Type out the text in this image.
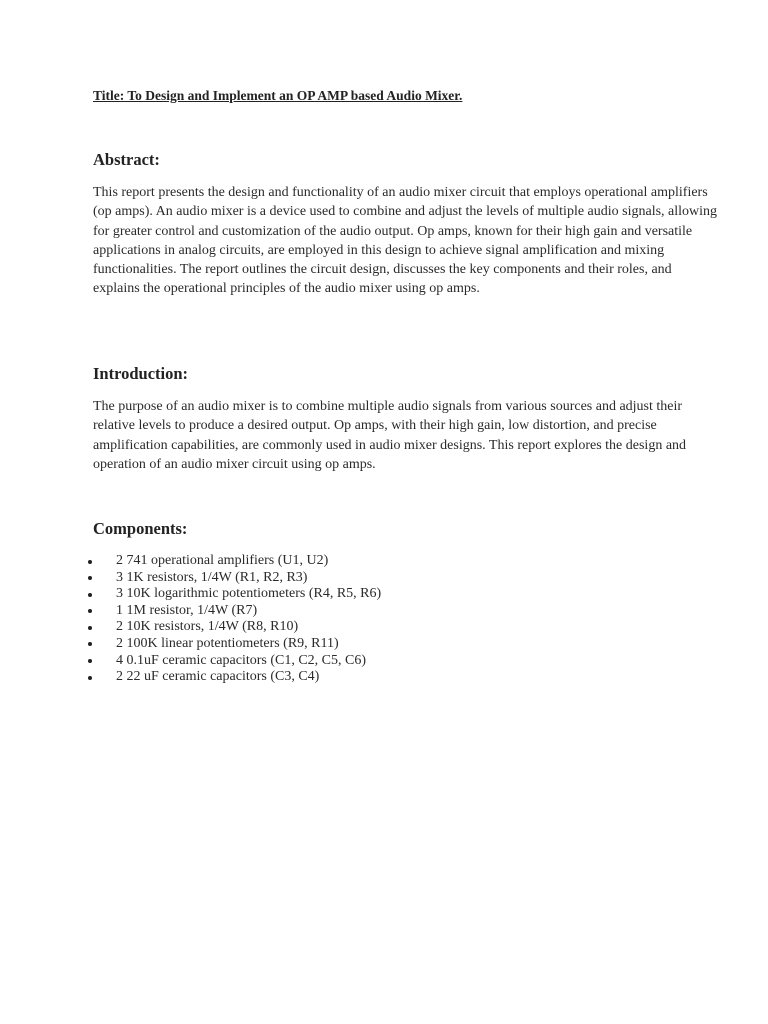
Title: To Design and Implement an OP AMP based Audio Mixer.
Abstract:

This report presents the design and functionality of an audio mixer circuit that employs operational amplifiers (op amps). An audio mixer is a device used to combine and adjust the levels of multiple audio signals, allowing for greater control and customization of the audio output. Op amps, known for their high gain and versatile applications in analog circuits, are employed in this design to achieve signal amplification and mixing functionalities. The report outlines the circuit design, discusses the key components and their roles, and explains the operational principles of the audio mixer using op amps.

Introduction:

The purpose of an audio mixer is to combine multiple audio signals from various sources and adjust their relative levels to produce a desired output. Op amps, with their high gain, low distortion, and precise amplification capabilities, are commonly used in audio mixer designs. This report explores the design and operation of an audio mixer circuit using op amps.

Components:
2 741 operational amplifiers (U1, U2)
3 1K resistors, 1/4W (R1, R2, R3)
3 10K logarithmic potentiometers (R4, R5, R6)
1 1M resistor, 1/4W (R7)
2 10K resistors, 1/4W (R8, R10)
2 100K linear potentiometers (R9, R11)
4 0.1uF ceramic capacitors (C1, C2, C5, C6)
2 22 uF ceramic capacitors (C3, C4)
